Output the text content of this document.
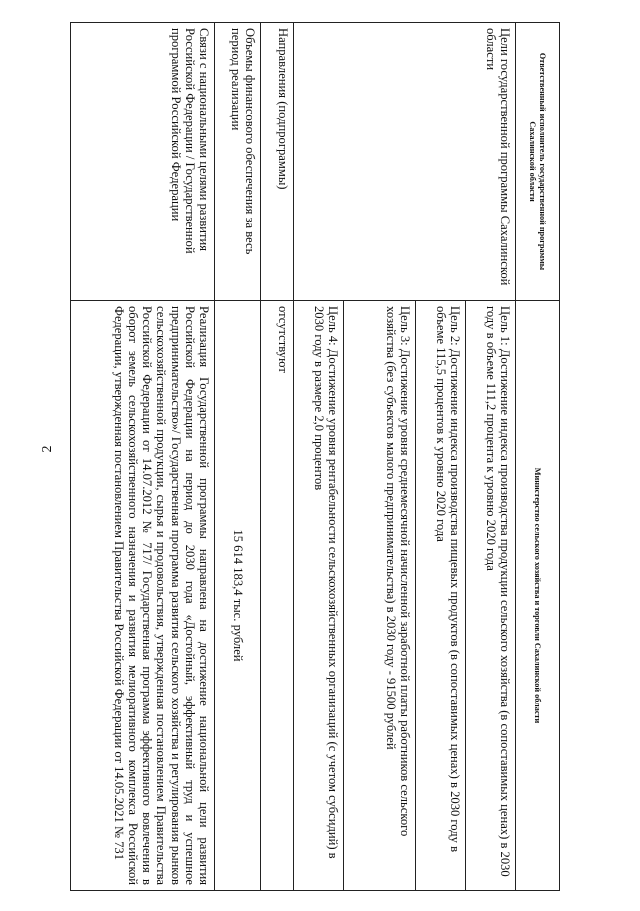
2
Ответственный исполнитель государственной программы Сахалинской области	Министерство сельского хозяйства и торговли Сахалинской области
Цели государственной программы Сахалинской области	Цель 1: Достижение индекса производства продукции сельского хозяйства (в сопоставимых ценах) в 2030 году в объеме 111,2 процента к уровню 2020 года
	Цель 2: Достижение индекса производства пищевых продуктов (в сопоставимых ценах) в 2030 году в объеме 115,5 процентов к уровню 2020 года
	Цель 3: Достижение уровня среднемесячной начисленной заработной платы работников сельского хозяйства (без субъектов малого предпринимательства) в 2030 году - 91500 рублей
	Цель 4: Достижение уровня рентабельности сельскохозяйственных организаций (с учетом субсидий) в 2030 году в размере 2,0 процентов
Направления (подпрограммы)	отсутствуют
Объемы финансового обеспечения за весь период реализации	15 614 183,4 тыс. рублей

Связи с национальными целями развития Российской Федерации / Государственной программой Российской Федерации	Реализация Государственной программы направлена на достижение национальной цели развития Российской Федерации на период до 2030 года «Достойный, эффективный труд и успешное предпринимательство»/ Государственная программа развития сельского хозяйства и регулирования рынков сельскохозяйственной продукции, сырья и продовольствия, утвержденная постановлением Правительства Российской Федерации от 14.07.2012 № 717/ Государственная программа эффективного вовлечения в оборот земель сельскохозяйственного назначения и развития мелиоративного комплекса Российской Федерации, утвержденная постановлением Правительства Российской Федерации от 14.05.2021 № 731
